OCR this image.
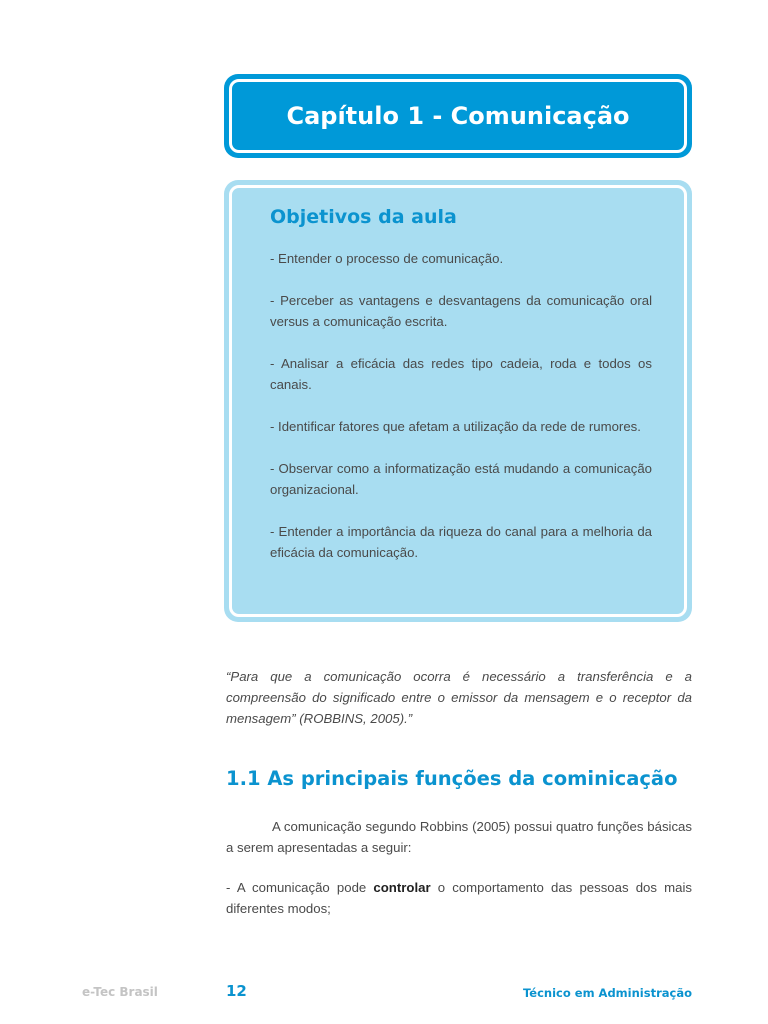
Capítulo 1 - Comunicação
Objetivos da aula
- Entender o processo de comunicação.
- Perceber as vantagens e desvantagens da comunicação oral versus a comunicação escrita.
- Analisar a eficácia das redes tipo cadeia, roda e todos os canais.
- Identificar fatores que afetam a utilização da rede de rumores.
- Observar como a informatização está mudando a comunicação organizacional.
- Entender a importância da riqueza do canal para a melhoria da eficácia da comunicação.

“Para que a comunicação ocorra é necessário a transferência e a compreensão do significado entre o emissor da mensagem e o receptor da mensagem” (ROBBINS, 2005).”

1.1 As principais funções da cominicação

A comunicação segundo Robbins (2005) possui quatro funções básicas a serem apresentadas a seguir:

- A comunicação pode controlar o comportamento das pessoas dos mais diferentes modos;

e-Tec Brasil	12	Técnico em Administração
